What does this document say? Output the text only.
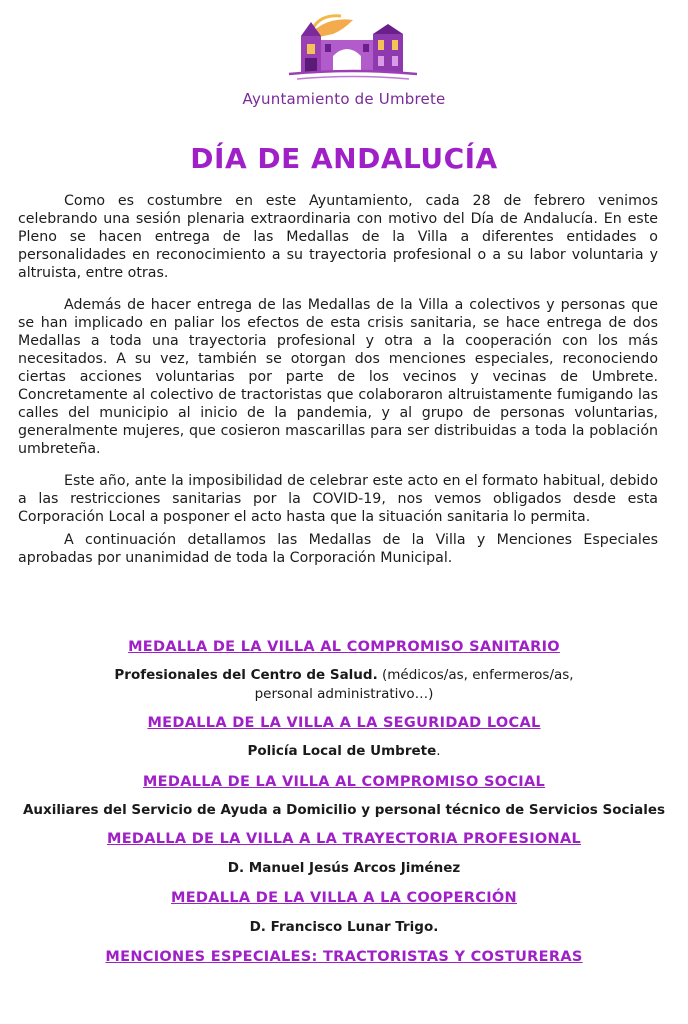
Ayuntamiento de Umbrete
DÍA DE ANDALUCÍA

Como es costumbre en este Ayuntamiento, cada 28 de febrero venimos celebrando una sesión plenaria extraordinaria con motivo del Día de Andalucía. En este Pleno se hacen entrega de las Medallas de la Villa a diferentes entidades o personalidades en reconocimiento a su trayectoria profesional o a su labor voluntaria y altruista, entre otras.

Además de hacer entrega de las Medallas de la Villa a colectivos y personas que se han implicado en paliar los efectos de esta crisis sanitaria, se hace entrega de dos Medallas a toda una trayectoria profesional y otra a la cooperación con los más necesitados. A su vez, también se otorgan dos menciones especiales, reconociendo ciertas acciones voluntarias por parte de los vecinos y vecinas de Umbrete. Concretamente al colectivo de tractoristas que colaboraron altruistamente fumigando las calles del municipio al inicio de la pandemia, y al grupo de personas voluntarias, generalmente mujeres, que cosieron mascarillas para ser distribuidas a toda la población umbreteña.

Este año, ante la imposibilidad de celebrar este acto en el formato habitual, debido a las restricciones sanitarias por la COVID-19, nos vemos obligados desde esta Corporación Local a posponer el acto hasta que la situación sanitaria lo permita.

A continuación detallamos las Medallas de la Villa y Menciones Especiales aprobadas por unanimidad de toda la Corporación Municipal.

MEDALLA DE LA VILLA AL COMPROMISO SANITARIO
Profesionales del Centro de Salud. (médicos/as, enfermeros/as, personal administrativo…)
MEDALLA DE LA VILLA A LA SEGURIDAD LOCAL
Policía Local de Umbrete.
MEDALLA DE LA VILLA AL COMPROMISO SOCIAL
Auxiliares del Servicio de Ayuda a Domicilio y personal técnico de Servicios Sociales
MEDALLA DE LA VILLA A LA TRAYECTORIA PROFESIONAL
D. Manuel Jesús Arcos Jiménez
MEDALLA DE LA VILLA A LA COOPERCIÓN
D. Francisco Lunar Trigo.
MENCIONES ESPECIALES: TRACTORISTAS Y COSTURERAS
